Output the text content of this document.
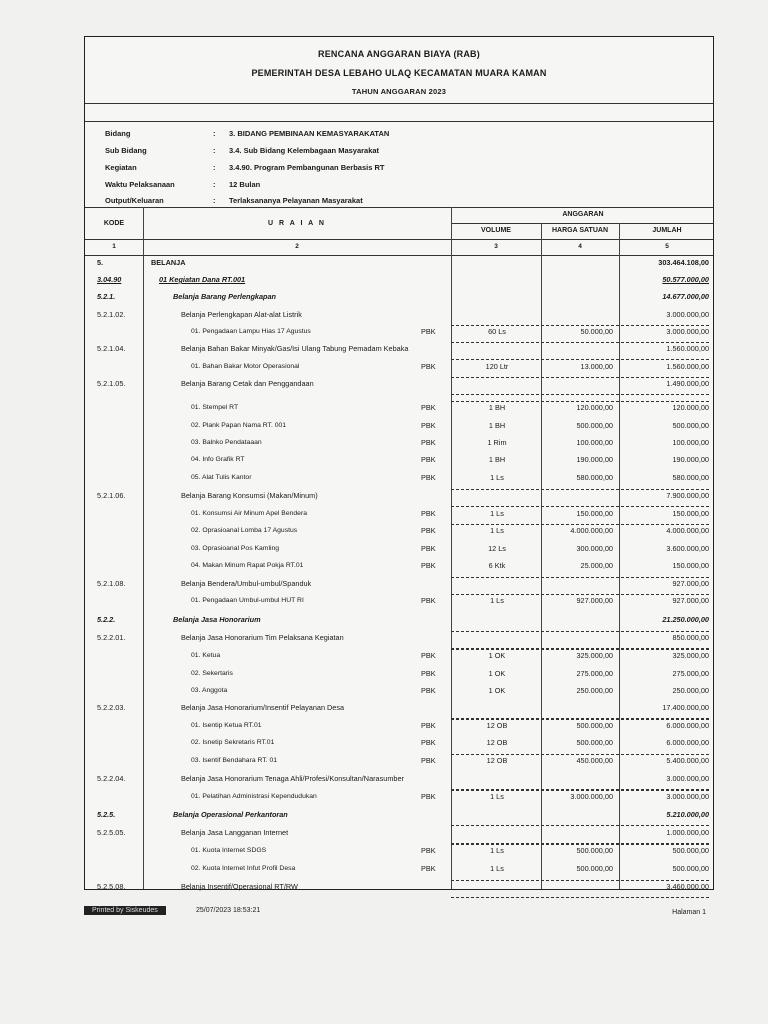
RENCANA ANGGARAN BIAYA (RAB)
PEMERINTAH DESA LEBAHO ULAQ KECAMATAN MUARA KAMAN
TAHUN ANGGARAN 2023
Bidang	: 3. BIDANG PEMBINAAN KEMASYARAKATAN
Sub Bidang	: 3.4. Sub Bidang Kelembagaan Masyarakat
Kegiatan	: 3.4.90. Program Pembangunan Berbasis RT
Waktu Pelaksanaan	: 12 Bulan
Output/Keluaran	: Terlaksananya Pelayanan Masyarakat
KODE	U R A I A N
ANGGARAN
VOLUME	HARGA SATUAN	JUMLAH
1	2	3	4	5
5.	BELANJA	303.464.108,00
3.04.90	01 Kegiatan Dana RT.001	50.577.000,00
5.2.1.	Belanja Barang Perlengkapan	14.677.000,00
5.2.1.02.	Belanja Perlengkapan Alat-alat Listrik	3.000.000,00
01. Pengadaan Lampu Hias 17 Agustus	PBK	60 Ls	50.000,00	3.000.000,00
5.2.1.04.	Belanja Bahan Bakar Minyak/Gas/Isi Ulang Tabung Pemadam Kebaka	1.560.000,00
01. Bahan Bakar Motor Operasional	PBK	120 Ltr	13.000,00	1.560.000,00
5.2.1.05.	Belanja Barang Cetak dan Penggandaan	1.490.000,00
01. Stempel RT	PBK	1 BH	120.000,00	120.000,00
02. Plank Papan Nama RT. 001	PBK	1 BH	500.000,00	500.000,00
03. Balnko Pendataaan	PBK	1 Rim	100.000,00	100.000,00
04. Info Grafik RT	PBK	1 BH	190.000,00	190.000,00
05. Alat Tulis Kantor	PBK	1 Ls	580.000,00	580.000,00
5.2.1.06.	Belanja Barang Konsumsi (Makan/Minum)	7.900.000,00
01. Konsumsi Air Minum Apel Bendera	PBK	1 Ls	150.000,00	150.000,00
02. Oprasioanal Lomba 17 Agustus	PBK	1 Ls	4.000.000,00	4.000.000,00
03. Oprasioanal Pos Kamling	PBK	12 Ls	300.000,00	3.600.000,00
04. Makan Minum Rapat Pokja RT.01	PBK	6 Ktk	25.000,00	150.000,00
5.2.1.08.	Belanja Bendera/Umbul-umbul/Spanduk	927.000,00
01. Pengadaan Umbul-umbul HUT RI	PBK	1 Ls	927.000,00	927.000,00
5.2.2.	Belanja Jasa Honorarium	21.250.000,00
5.2.2.01.	Belanja Jasa Honorarium Tim Pelaksana Kegiatan	850.000,00
01. Ketua	PBK	1 OK	325.000,00	325.000,00
02. Sekertaris	PBK	1 OK	275.000,00	275.000,00
03. Anggota	PBK	1 OK	250.000,00	250.000,00
5.2.2.03.	Belanja Jasa Honorarium/Insentif Pelayanan Desa	17.400.000,00
01. Isentip Ketua RT.01	PBK	12 OB	500.000,00	6.000.000,00
02. Isnetip Sekretaris RT.01	PBK	12 OB	500.000,00	6.000.000,00
03. Isentif Bendahara RT. 01	PBK	12 OB	450.000,00	5.400.000,00
5.2.2.04.	Belanja Jasa Honorarium Tenaga Ahli/Profesi/Konsultan/Narasumber	3.000.000,00
01. Pelatihan Administrasi Kependudukan	PBK	1 Ls	3.000.000,00	3.000.000,00
5.2.5.	Belanja Operasional Perkantoran	5.210.000,00
5.2.5.05.	Belanja Jasa Langganan Internet	1.000.000,00
01. Kuota Internet SDGS	PBK	1 Ls	500.000,00	500.000,00
02. Kuota Internet Infut Profil Desa	PBK	1 Ls	500.000,00	500.000,00
5.2.5.08.	Belanja Insentif/Operasional RT/RW	3.460.000,00
Printed by Siskeudes	25/07/2023 18:53:21	Halaman 1
